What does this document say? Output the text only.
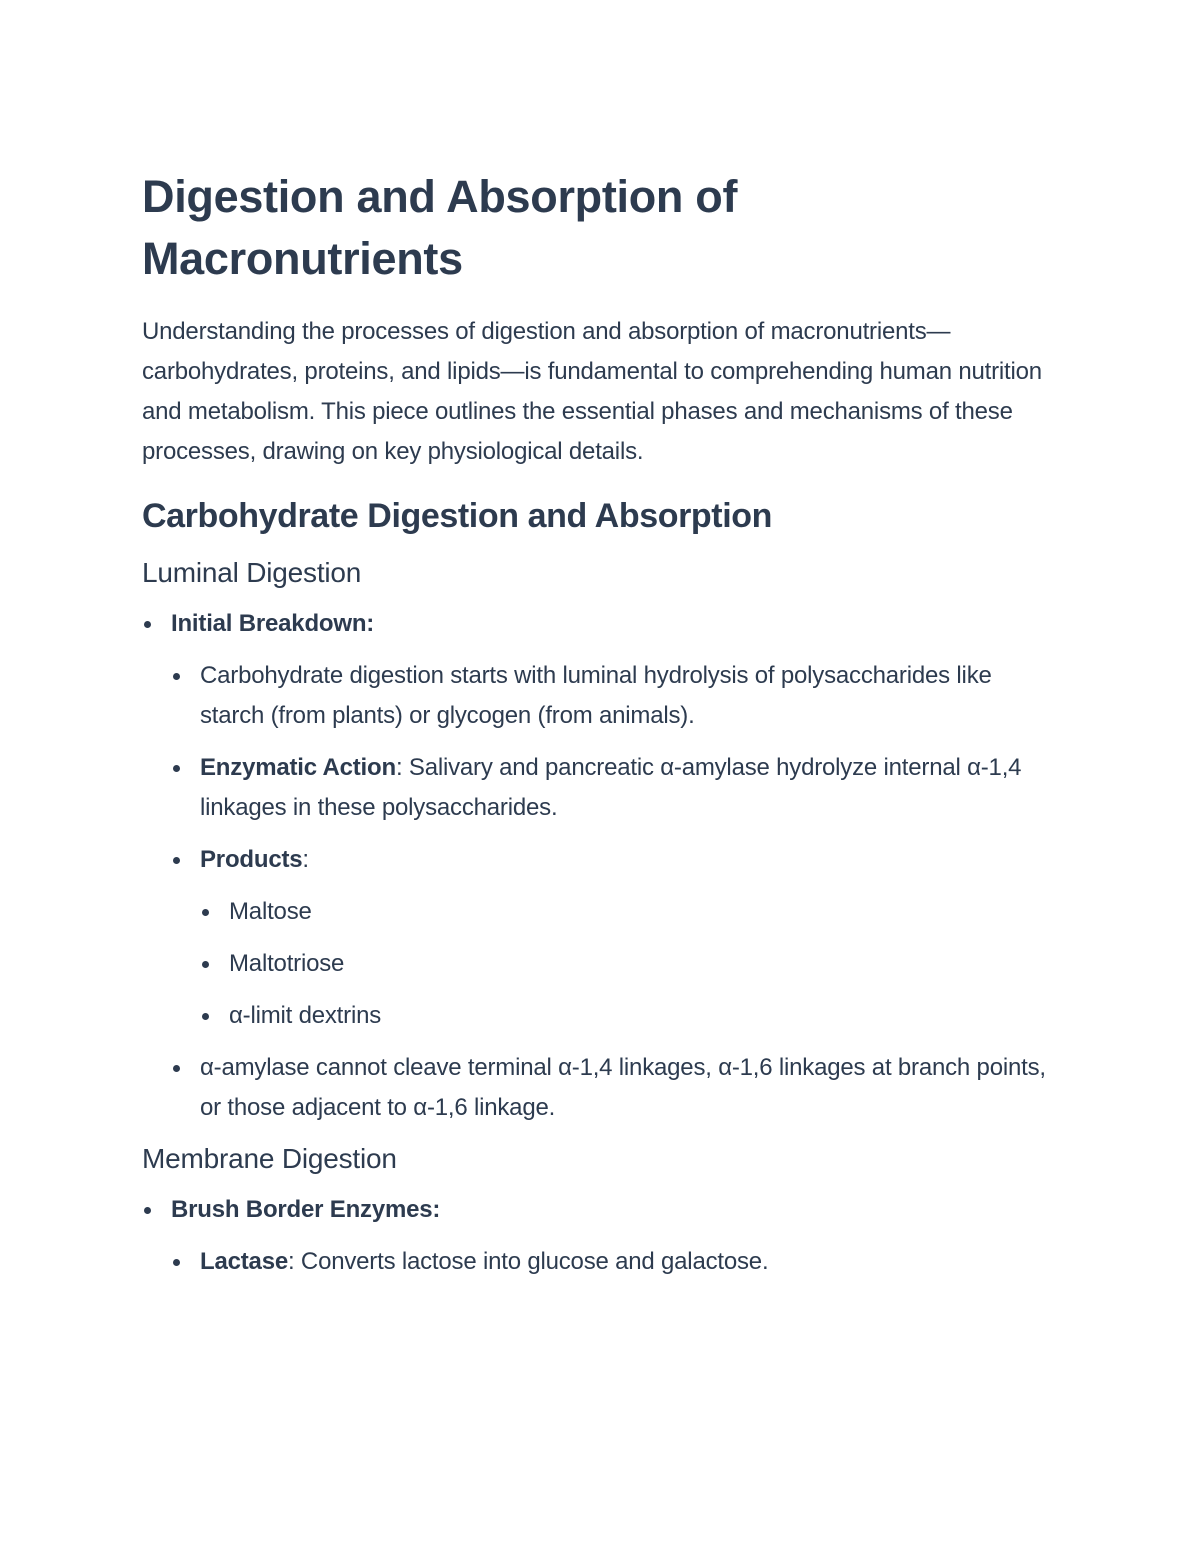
Digestion and Absorption of Macronutrients

Understanding the processes of digestion and absorption of macronutrients—carbohydrates, proteins, and lipids—is fundamental to comprehending human nutrition and metabolism. This piece outlines the essential phases and mechanisms of these processes, drawing on key physiological details.

Carbohydrate Digestion and Absorption
Luminal Digestion
Initial Breakdown:
Carbohydrate digestion starts with luminal hydrolysis of polysaccharides like starch (from plants) or glycogen (from animals).
Enzymatic Action: Salivary and pancreatic α-amylase hydrolyze internal α-1,4 linkages in these polysaccharides.
Products:
Maltose
Maltotriose
α-limit dextrins
α-amylase cannot cleave terminal α-1,4 linkages, α-1,6 linkages at branch points, or those adjacent to α-1,6 linkage.
Membrane Digestion
Brush Border Enzymes:
Lactase: Converts lactose into glucose and galactose.
